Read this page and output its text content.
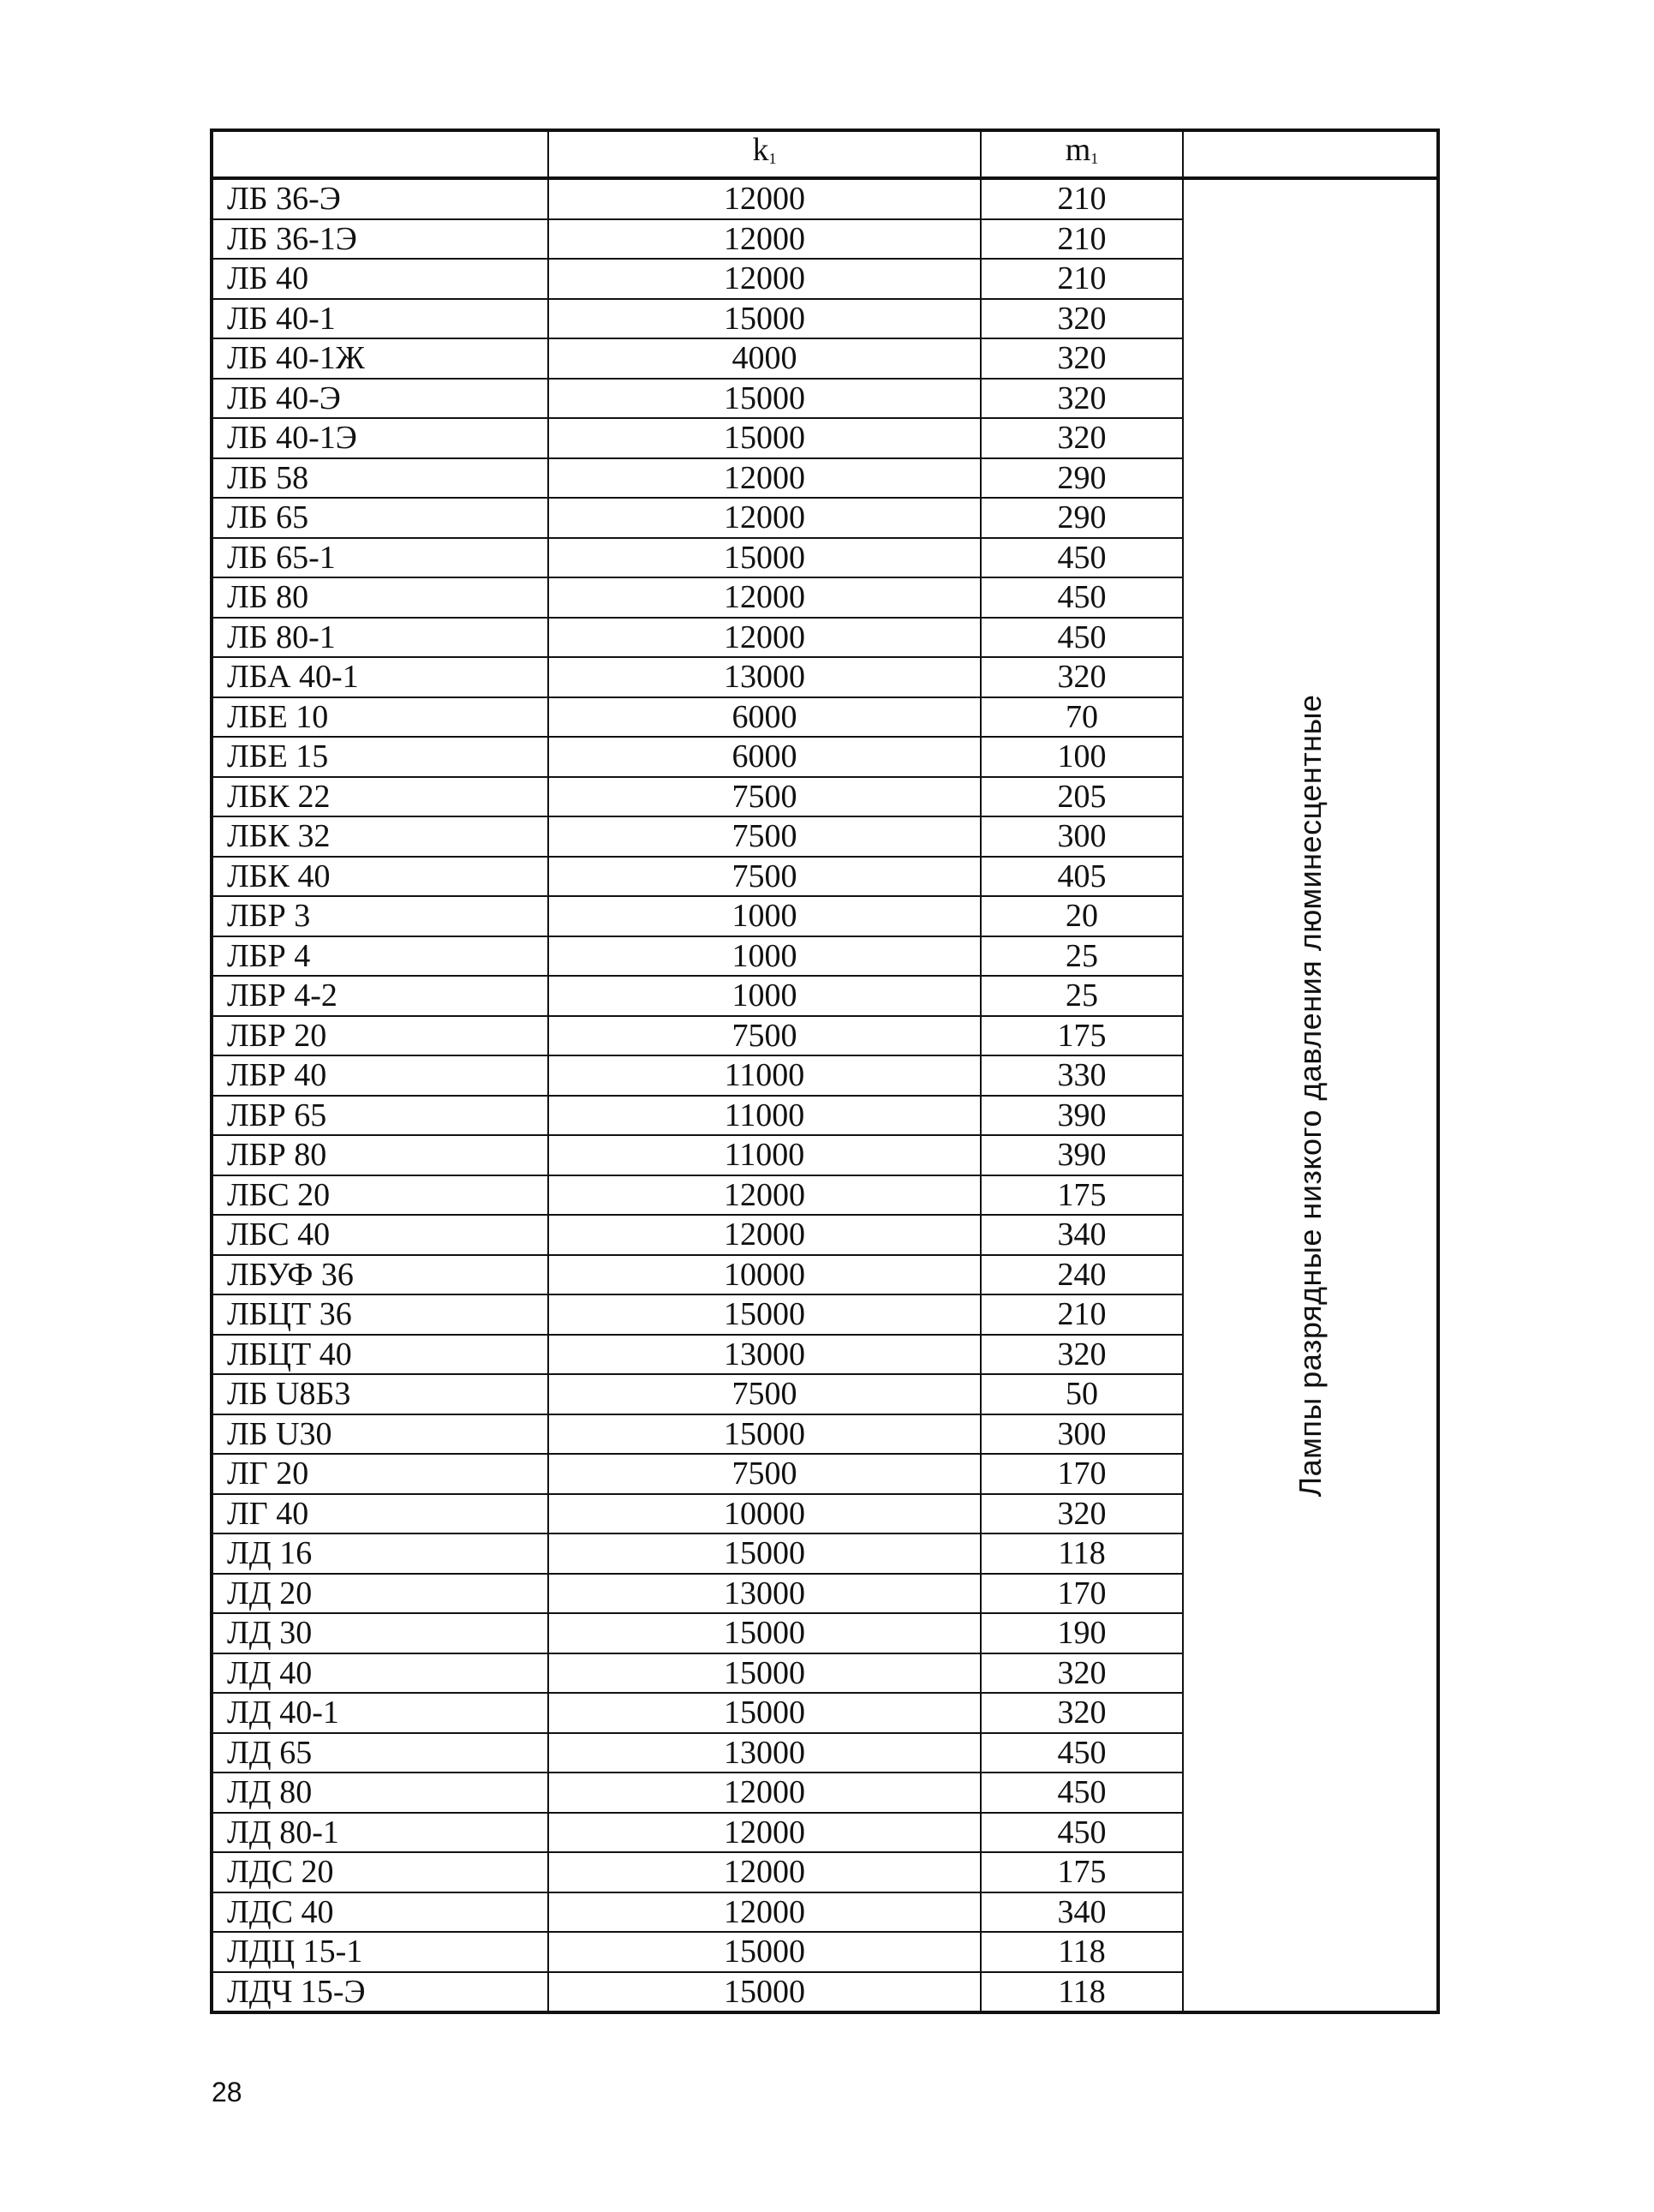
	$k_1$	$m_1$	
ЛБ 36-Э	12000	210	Лампы разрядные низкого давления люминесцентные

ЛБ 36-1Э	12000	210	
ЛБ 40	12000	210	
ЛБ 40-1	15000	320	
ЛБ 40-1Ж	4000	320	
ЛБ 40-Э	15000	320	
ЛБ 40-1Э	15000	320	
ЛБ 58	12000	290	
ЛБ 65	12000	290	
ЛБ 65-1	15000	450	
ЛБ 80	12000	450	
ЛБ 80-1	12000	450	
ЛБА 40-1	13000	320	
ЛБЕ 10	6000	70	
ЛБЕ 15	6000	100	
ЛБК 22	7500	205	
ЛБК 32	7500	300	
ЛБК 40	7500	405	
ЛБР 3	1000	20	
ЛБР 4	1000	25	
ЛБР 4-2	1000	25	
ЛБР 20	7500	175	
ЛБР 40	11000	330	
ЛБР 65	11000	390	
ЛБР 80	11000	390	
ЛБС 20	12000	175	
ЛБС 40	12000	340	
ЛБУФ 36	10000	240	
ЛБЦТ 36	15000	210	
ЛБЦТ 40	13000	320	
ЛБ U8Б3	7500	50	
ЛБ U30	15000	300	
ЛГ 20	7500	170	
ЛГ 40	10000	320	
ЛД 16	15000	118	
ЛД 20	13000	170	
ЛД 30	15000	190	
ЛД 40	15000	320	
ЛД 40-1	15000	320	
ЛД 65	13000	450	
ЛД 80	12000	450	
ЛД 80-1	12000	450	
ЛДС 20	12000	175	
ЛДС 40	12000	340	
ЛДЦ 15-1	15000	118	
ЛДЧ 15-Э	15000	118	
28
